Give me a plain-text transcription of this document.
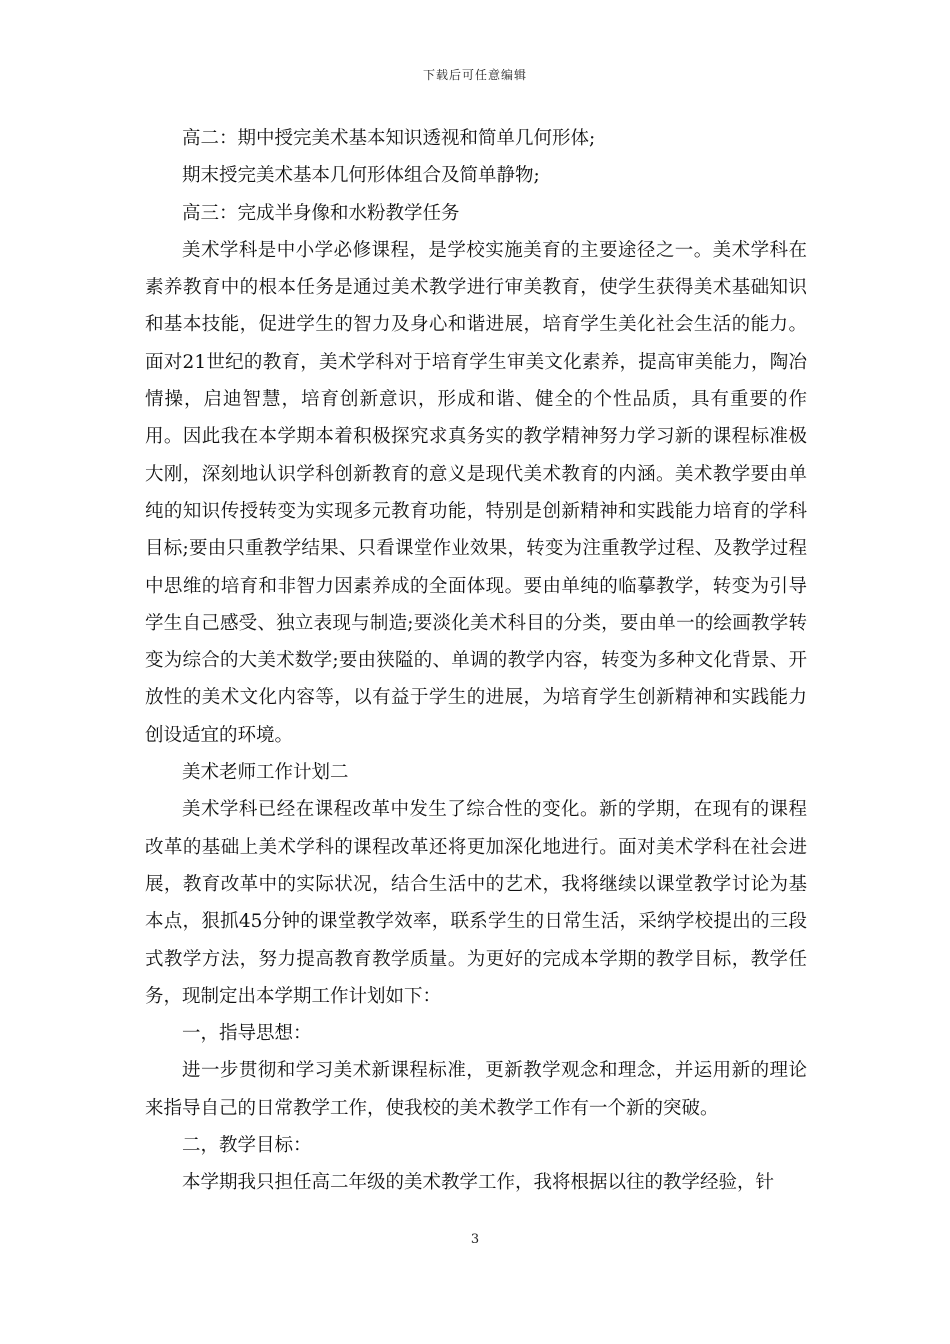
下载后可任意编辑

高二：期中授完美术基本知识透视和简单几何形体;

期末授完美术基本几何形体组合及简单静物;

高三：完成半身像和水粉教学任务

美术学科是中小学必修课程，是学校实施美育的主要途径之一。美术学科在素养教育中的根本任务是通过美术教学进行审美教育，使学生获得美术基础知识和基本技能，促进学生的智力及身心和谐进展，培育学生美化社会生活的能力。面对21世纪的教育，美术学科对于培育学生审美文化素养，提高审美能力，陶冶情操，启迪智慧，培育创新意识，形成和谐、健全的个性品质，具有重要的作用。因此我在本学期本着积极探究求真务实的教学精神努力学习新的课程标准极大刚，深刻地认识学科创新教育的意义是现代美术教育的内涵。美术教学要由单纯的知识传授转变为实现多元教育功能，特别是创新精神和实践能力培育的学科目标;要由只重教学结果、只看课堂作业效果，转变为注重教学过程、及教学过程中思维的培育和非智力因素养成的全面体现。要由单纯的临摹教学，转变为引导学生自己感受、独立表现与制造;要淡化美术科目的分类，要由单一的绘画教学转变为综合的大美术数学;要由狭隘的、单调的教学内容，转变为多种文化背景、开放性的美术文化内容等，以有益于学生的进展，为培育学生创新精神和实践能力创设适宜的环境。

美术老师工作计划二

美术学科已经在课程改革中发生了综合性的变化。新的学期，在现有的课程改革的基础上美术学科的课程改革还将更加深化地进行。面对美术学科在社会进展，教育改革中的实际状况，结合生活中的艺术，我将继续以课堂教学讨论为基本点，狠抓45分钟的课堂教学效率，联系学生的日常生活，采纳学校提出的三段式教学方法，努力提高教育教学质量。为更好的完成本学期的教学目标，教学任务，现制定出本学期工作计划如下：

一，指导思想：

进一步贯彻和学习美术新课程标准，更新教学观念和理念，并运用新的理论来指导自己的日常教学工作，使我校的美术教学工作有一个新的突破。

二，教学目标：

本学期我只担任高二年级的美术教学工作，我将根据以往的教学经验，针

3
